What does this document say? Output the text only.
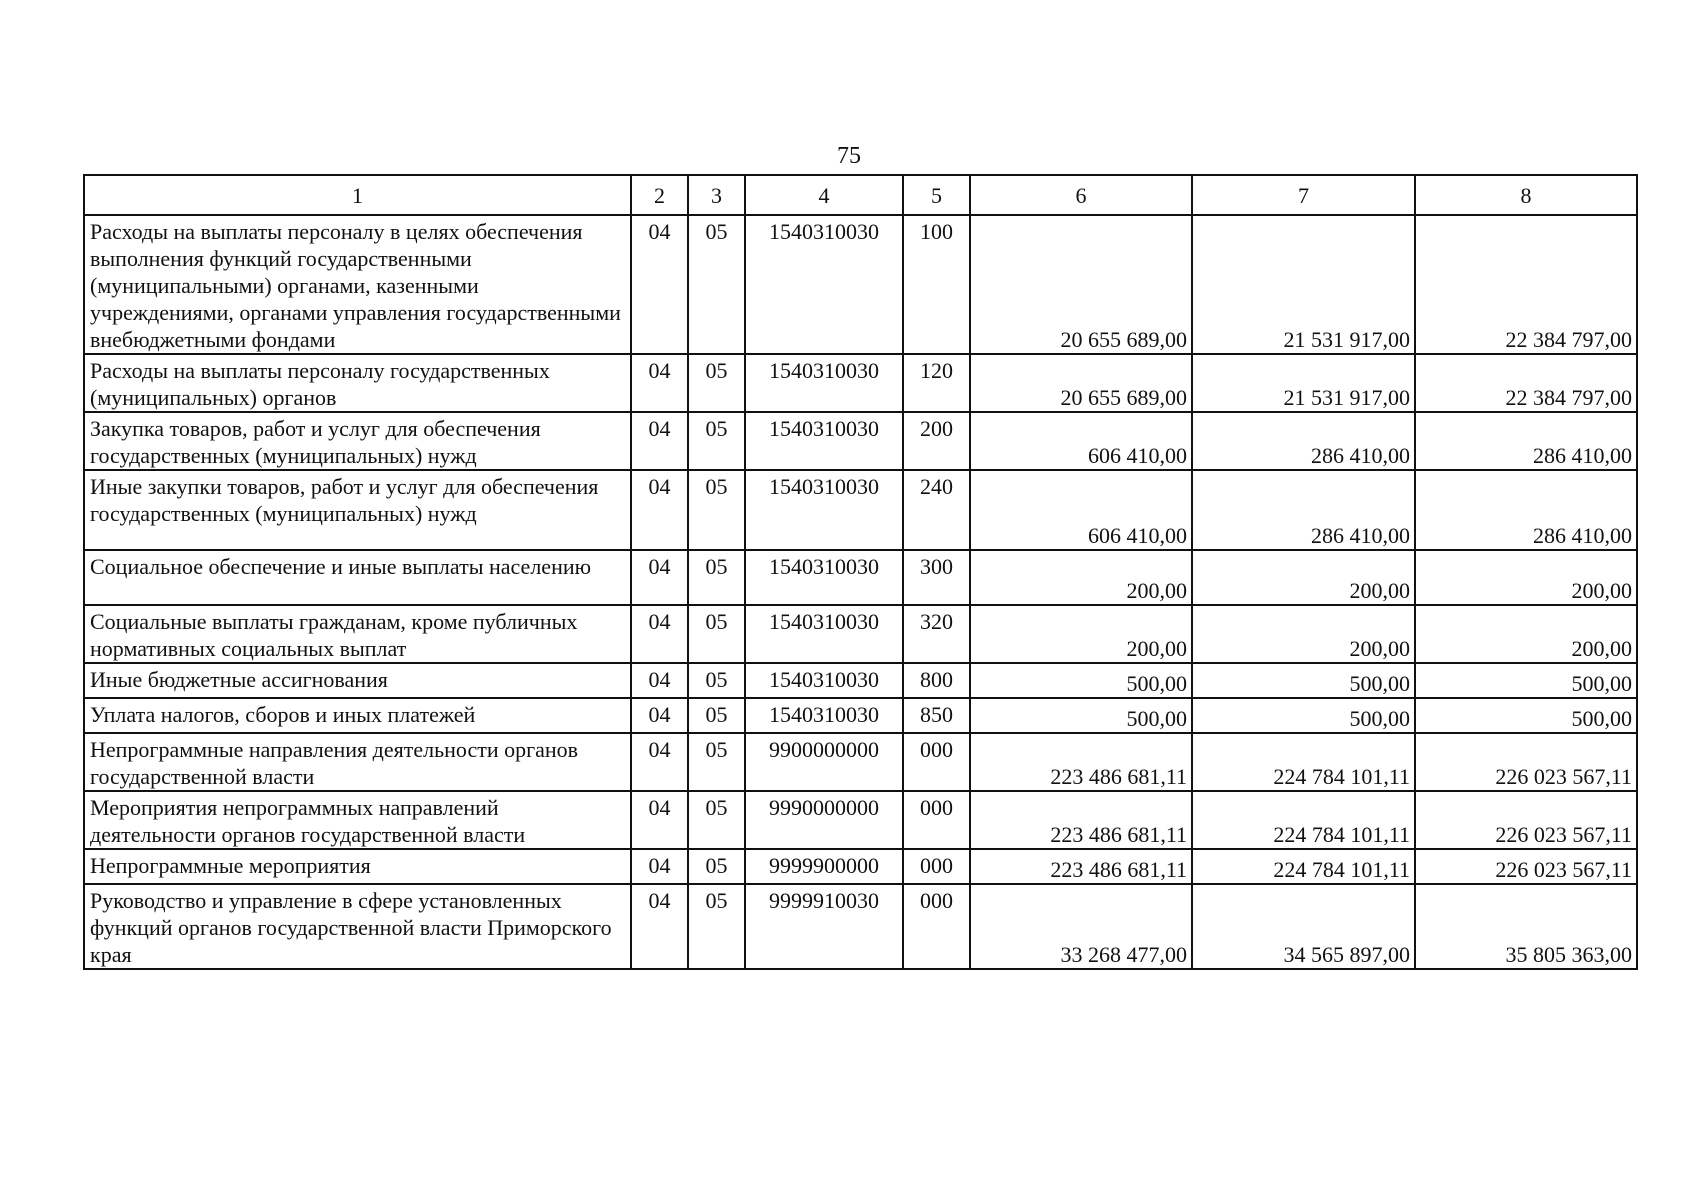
75
1	2	3	4	5	6	7	8
Расходы на выплаты персоналу в целях обеспечения выполнения функций государственными (муниципальными) органами, казенными учреждениями, органами управления государственными внебюджетными фондами	04	05	1540310030	100	20 655 689,00	21 531 917,00	22 384 797,00
Расходы на выплаты персоналу государственных (муниципальных) органов	04	05	1540310030	120	20 655 689,00	21 531 917,00	22 384 797,00
Закупка товаров, работ и услуг для обеспечения государственных (муниципальных) нужд	04	05	1540310030	200	606 410,00	286 410,00	286 410,00
Иные закупки товаров, работ и услуг для обеспечения государственных (муниципальных) нужд	04	05	1540310030	240	606 410,00	286 410,00	286 410,00
Социальное обеспечение и иные выплаты населению	04	05	1540310030	300	200,00	200,00	200,00
Социальные выплаты гражданам, кроме публичных нормативных социальных выплат	04	05	1540310030	320	200,00	200,00	200,00
Иные бюджетные ассигнования	04	05	1540310030	800	500,00	500,00	500,00
Уплата налогов, сборов и иных платежей	04	05	1540310030	850	500,00	500,00	500,00
Непрограммные направления деятельности органов государственной власти	04	05	9900000000	000	223 486 681,11	224 784 101,11	226 023 567,11
Мероприятия непрограммных направлений деятельности органов государственной власти	04	05	9990000000	000	223 486 681,11	224 784 101,11	226 023 567,11
Непрограммные мероприятия	04	05	9999900000	000	223 486 681,11	224 784 101,11	226 023 567,11
Руководство и управление в сфере установленных функций органов государственной власти Приморского края	04	05	9999910030	000	33 268 477,00	34 565 897,00	35 805 363,00
